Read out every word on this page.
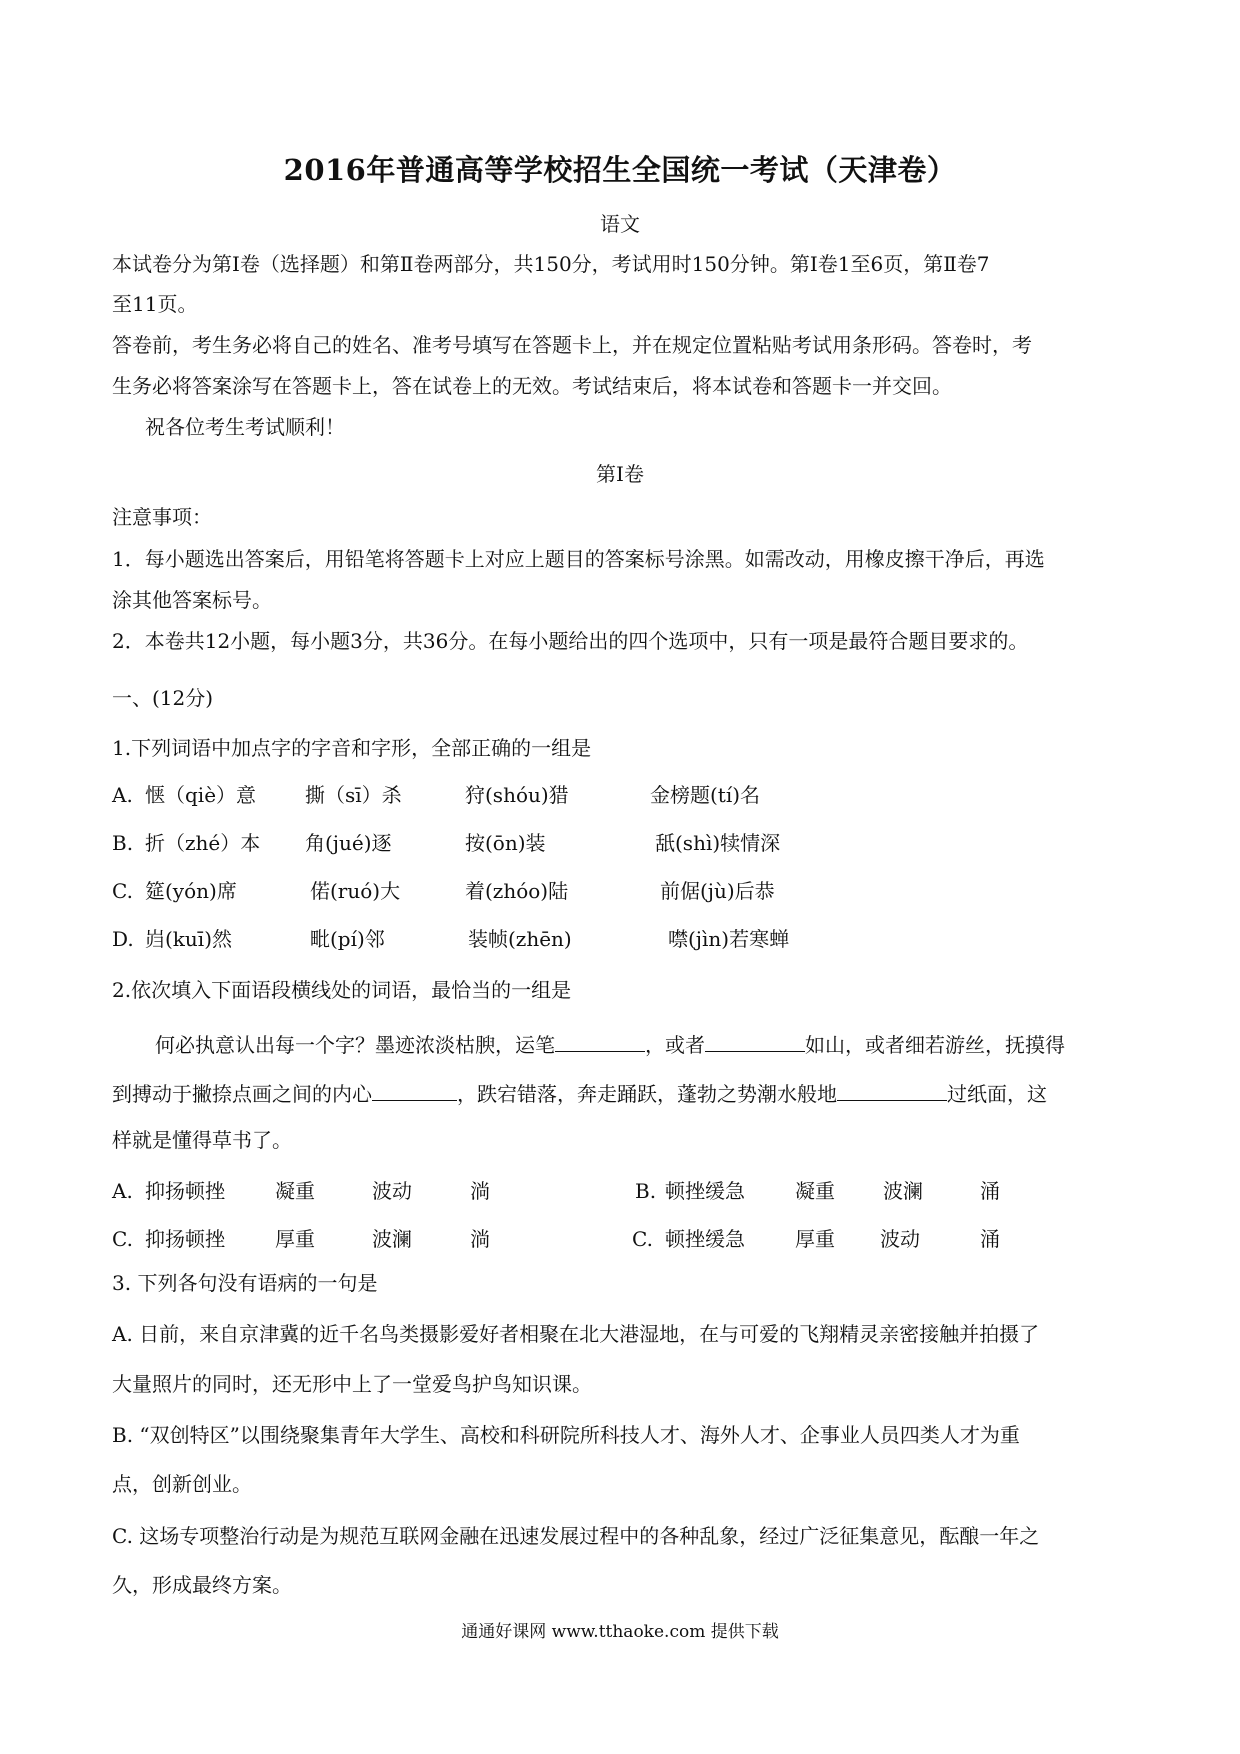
2016年普通高等学校招生全国统一考试（天津卷）
语文
本试卷分为第Ⅰ卷（选择题）和第Ⅱ卷两部分，共150分，考试用时150分钟。第Ⅰ卷1至6页，第Ⅱ卷7
至11页。
答卷前，考生务必将自己的姓名、准考号填写在答题卡上，并在规定位置粘贴考试用条形码。答卷时，考
生务必将答案涂写在答题卡上，答在试卷上的无效。考试结束后，将本试卷和答题卡一并交回。
祝各位考生考试顺利！
第Ⅰ卷
注意事项：
1．每小题选出答案后，用铅笔将答题卡上对应上题目的答案标号涂黑。如需改动，用橡皮擦干净后，再选
涂其他答案标号。
2．本卷共12小题，每小题3分，共36分。在每小题给出的四个选项中，只有一项是最符合题目要求的。
一、(12分)
1.下列词语中加点字的字音和字形，全部正确的一组是
A. 惬（qiè）意 撕（sī）杀	狩(shóu)猎	金榜题(tí)名
B. 折（zhé）本 角(jué)逐	按(ōn)装	舐(shì)犊情深
C. 筵(yón)席	偌(ruó)大	着(zhóo)陆	前倨(jù)后恭
D. 岿(kuī)然	毗(pí)邻	装帧(zhēn)	噤(jìn)若寒蝉
2.依次填入下面语段横线处的词语，最恰当的一组是
何必执意认出每一个字？墨迹浓淡枯腴，运笔	，或者	如山，或者细若游丝，抚摸得
到搏动于撇捺点画之间的内心	，跌宕错落，奔走踊跃，蓬勃之势潮水般地	过纸面，这
样就是懂得草书了。
A. 抑扬顿挫	凝重	波动	淌	B. 顿挫缓急	凝重 波澜	涌
C. 抑扬顿挫	厚重	波澜	淌	C. 顿挫缓急	厚重 波动	涌
3. 下列各句没有语病的一句是
A. 日前，来自京津冀的近千名鸟类摄影爱好者相聚在北大港湿地，在与可爱的飞翔精灵亲密接触并拍摄了
大量照片的同时，还无形中上了一堂爱鸟护鸟知识课。
B. “双创特区”以围绕聚集青年大学生、高校和科研院所科技人才、海外人才、企事业人员四类人才为重
点，创新创业。
C. 这场专项整治行动是为规范互联网金融在迅速发展过程中的各种乱象，经过广泛征集意见，酝酿一年之
久，形成最终方案。
通通好课网 www.tthaoke.com 提供下载
